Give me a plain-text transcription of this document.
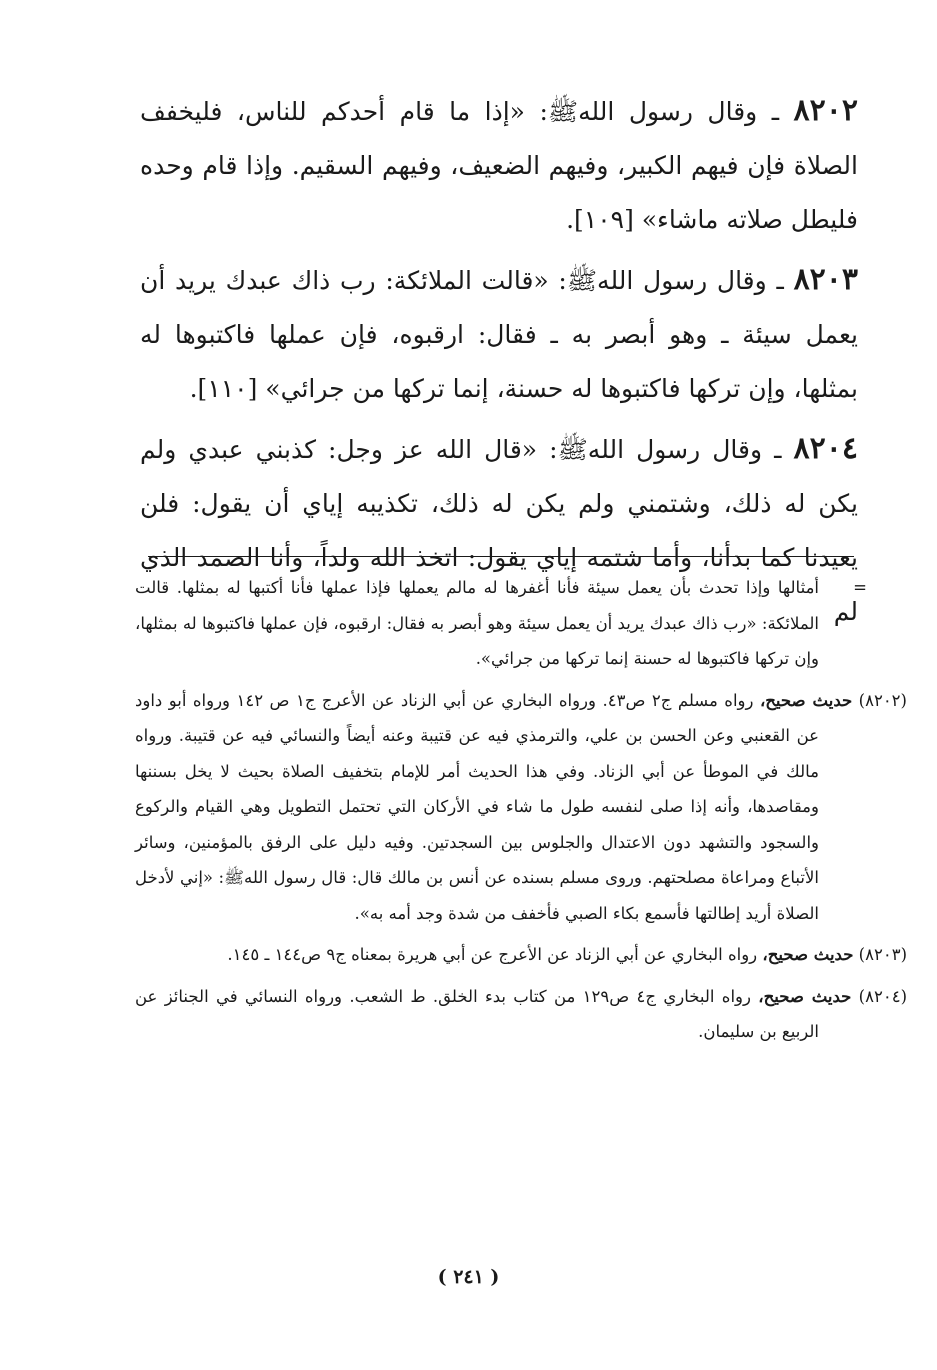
٨٢٠٢ ـ وقال رسول اللهﷺ: «إذا ما قام أحدكم للناس، فليخفف الصلاة فإن فيهم الكبير، وفيهم الضعيف، وفيهم السقيم. وإذا قام وحده فليطل صلاته ماشاء» [١٠٩].

٨٢٠٣ ـ وقال رسول اللهﷺ: «قالت الملائكة: رب ذاك عبدك يريد أن يعمل سيئة ـ وهو أبصر به ـ فقال: ارقبوه، فإن عملها فاكتبوها له بمثلها، وإن تركها فاكتبوها له حسنة، إنما تركها من جرائي» [١١٠].

٨٢٠٤ ـ وقال رسول اللهﷺ: «قال الله عز وجل: كذبني عبدي ولم يكن له ذلك، وشتمني ولم يكن له ذلك، تكذيبه إياي أن يقول: فلن يعيدنا كما بدأنا، وأما شتمه إياي يقول: اتخذ الله ولداً، وأنا الصمد الذي لم

=
أمثالها وإذا تحدث بأن يعمل سيئة فأنا أغفرها له مالم يعملها فإذا عملها فأنا أكتبها له بمثلها. قالت الملائكة: «رب ذاك عبدك يريد أن يعمل سيئة وهو أبصر به فقال: ارقبوه، فإن عملها فاكتبوها له بمثلها، وإن تركها فاكتبوها له حسنة إنما تركها من جرائي».

(٨٢٠٢) حديث صحيح، رواه مسلم ج٢ ص٤٣. ورواه البخاري عن أبي الزناد عن الأعرج ج١ ص ١٤٢ ورواه أبو داود عن القعنبي وعن الحسن بن علي، والترمذي فيه عن قتيبة وعنه أيضاً والنسائي فيه عن قتيبة. ورواه مالك في الموطأ عن أبي الزناد. وفي هذا الحديث أمر للإمام بتخفيف الصلاة بحيث لا يخل بسننها ومقاصدها، وأنه إذا صلى لنفسه طول ما شاء في الأركان التي تحتمل التطويل وهي القيام والركوع والسجود والتشهد دون الاعتدال والجلوس بين السجدتين. وفيه دليل على الرفق بالمؤمنين، وسائر الأتباع ومراعاة مصلحتهم. وروى مسلم بسنده عن أنس بن مالك قال: قال رسول اللهﷺ: «إني لأدخل الصلاة أريد إطالتها فأسمع بكاء الصبي فأخفف من شدة وجد أمه به».

(٨٢٠٣) حديث صحيح، رواه البخاري عن أبي الزناد عن الأعرج عن أبي هريرة بمعناه ج٩ ص١٤٤ ـ ١٤٥.

(٨٢٠٤) حديث صحيح، رواه البخاري ج٤ ص١٢٩ من كتاب بدء الخلق. ط الشعب. ورواه النسائي في الجنائز عن الربيع بن سليمان.

( ٢٤١ )
